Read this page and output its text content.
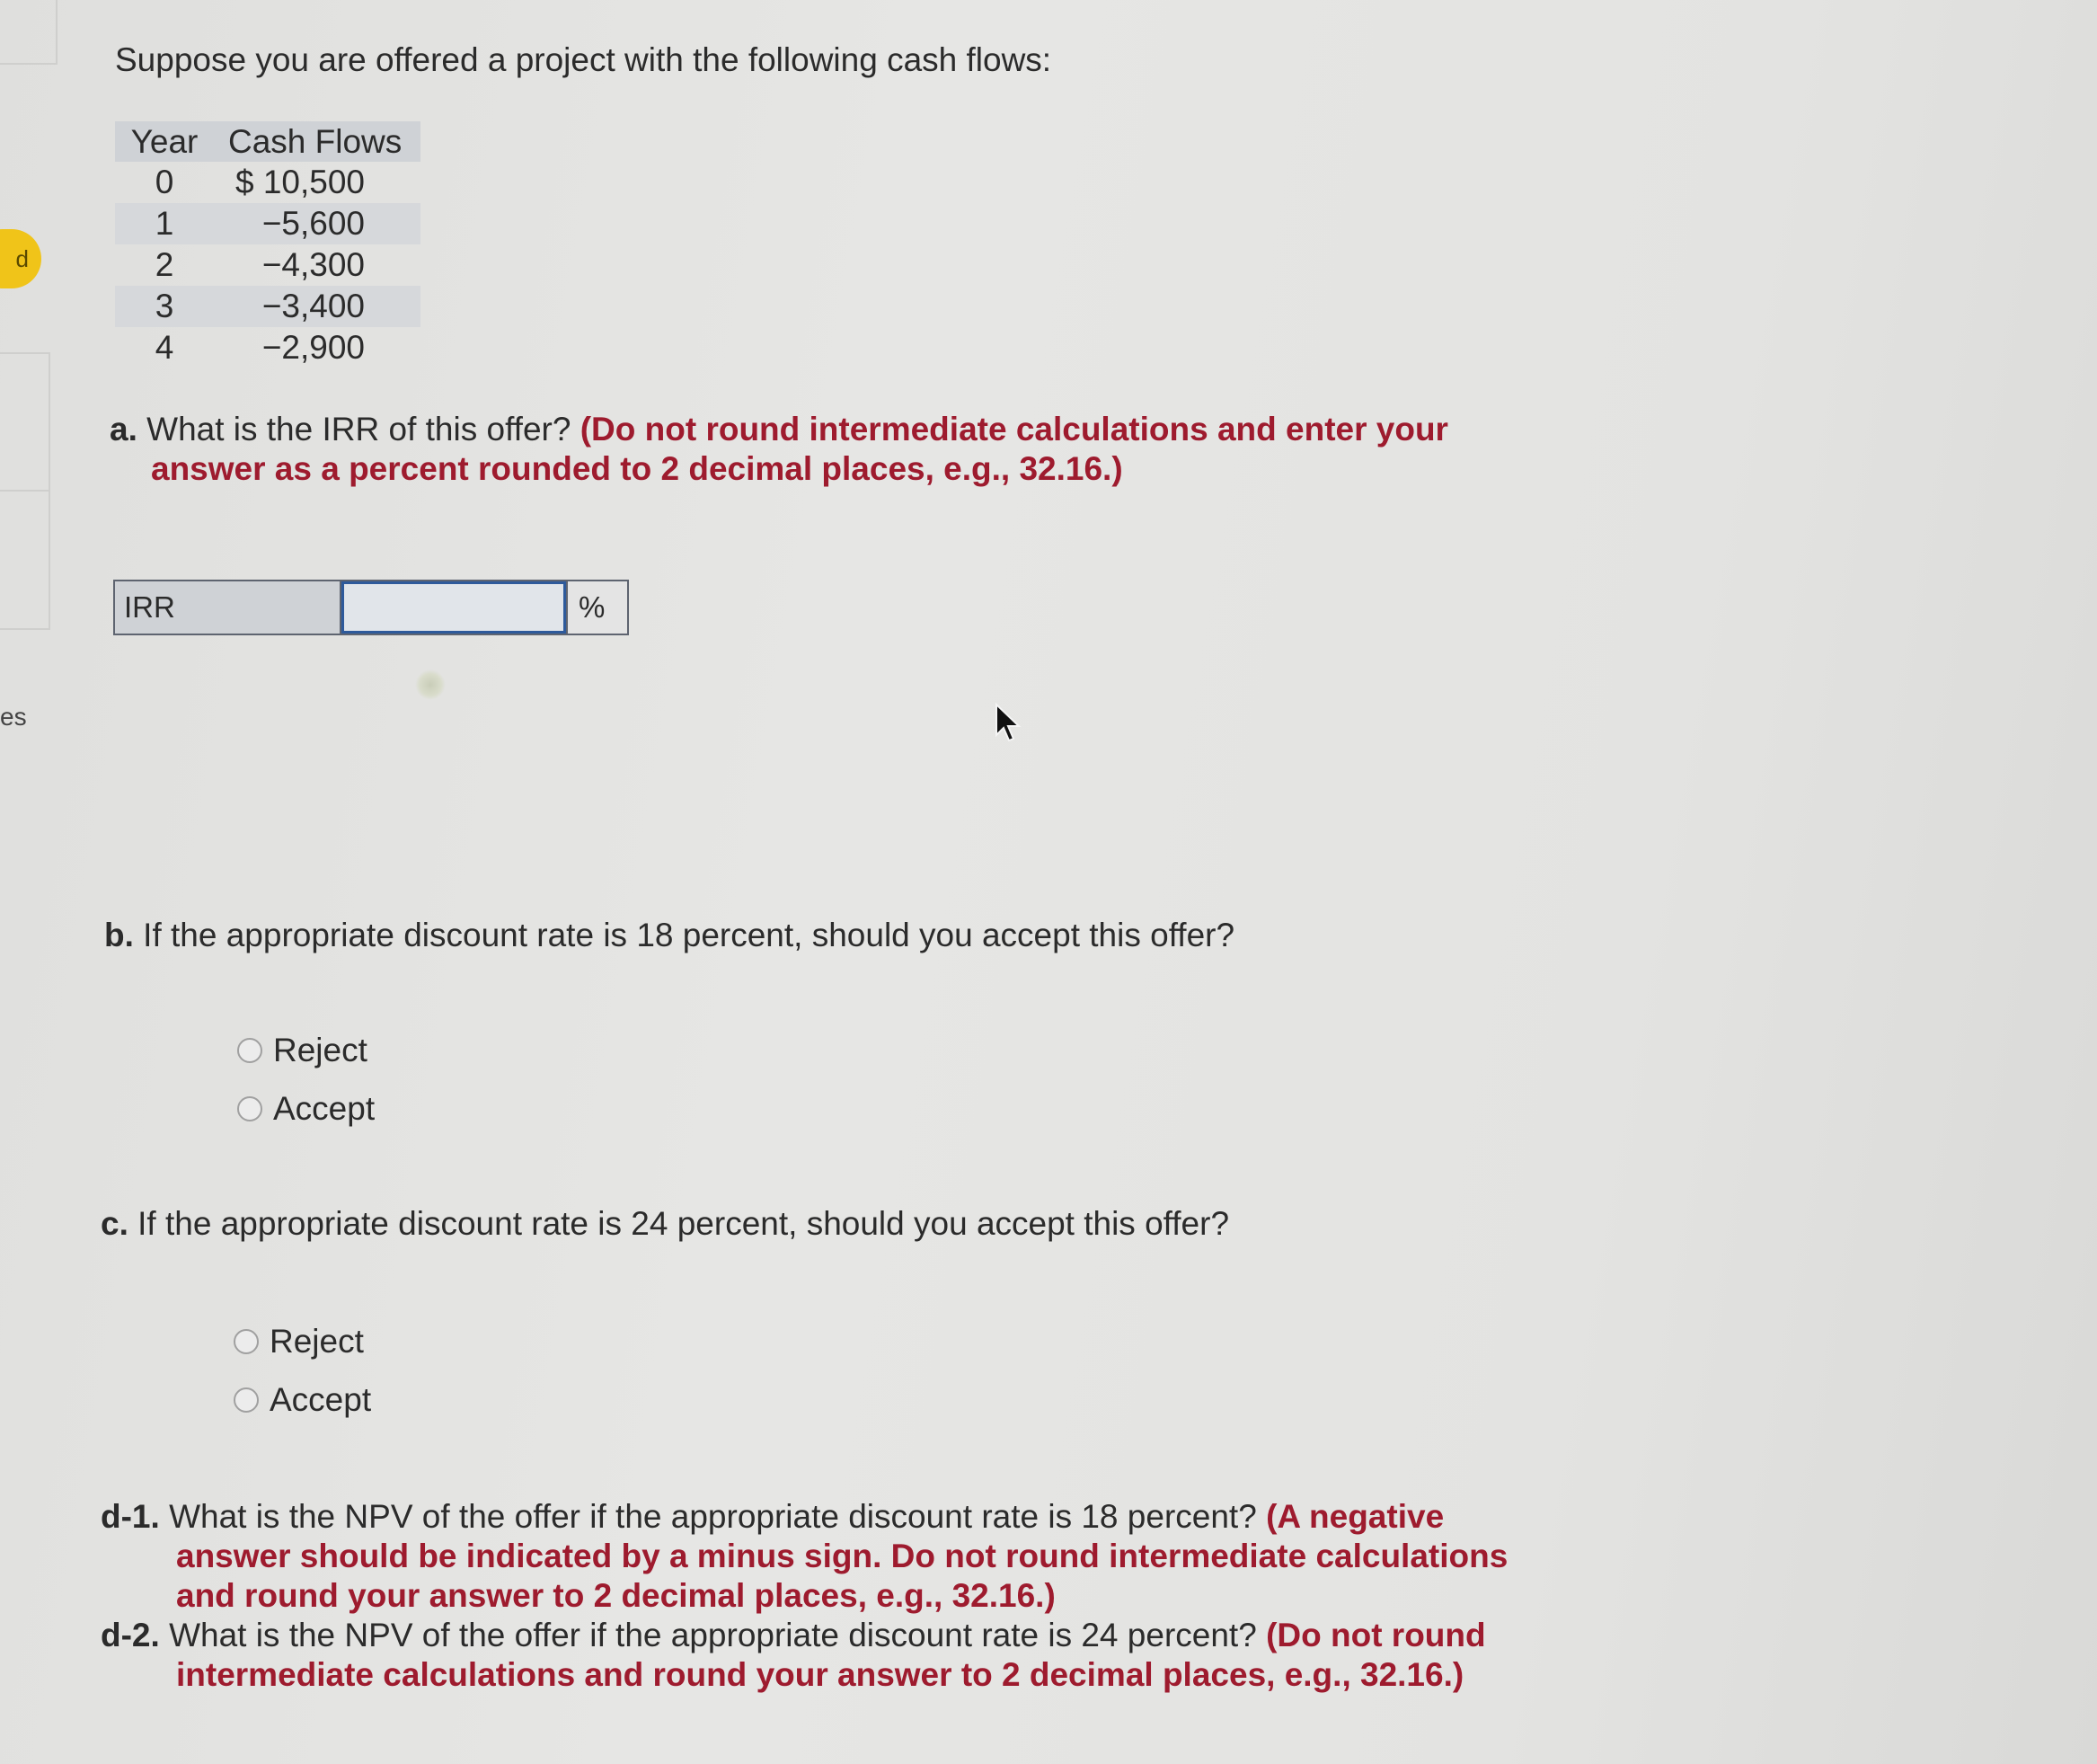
d
es
Suppose you are offered a project with the following cash flows:
Year	Cash Flows
0	$ 10,500
1	−5,600
2	−4,300
3	−3,400
4	−2,900
a. What is the IRR of this offer? (Do not round intermediate calculations and enter your
answer as a percent rounded to 2 decimal places, e.g., 32.16.)
IRR	%
b. If the appropriate discount rate is 18 percent, should you accept this offer?
Reject
Accept
c. If the appropriate discount rate is 24 percent, should you accept this offer?
Reject
Accept
d-1. What is the NPV of the offer if the appropriate discount rate is 18 percent? (A negative answer should be indicated by a minus sign. Do not round intermediate calculations and round your answer to 2 decimal places, e.g., 32.16.)
d-2. What is the NPV of the offer if the appropriate discount rate is 24 percent? (Do not round intermediate calculations and round your answer to 2 decimal places, e.g., 32.16.)
